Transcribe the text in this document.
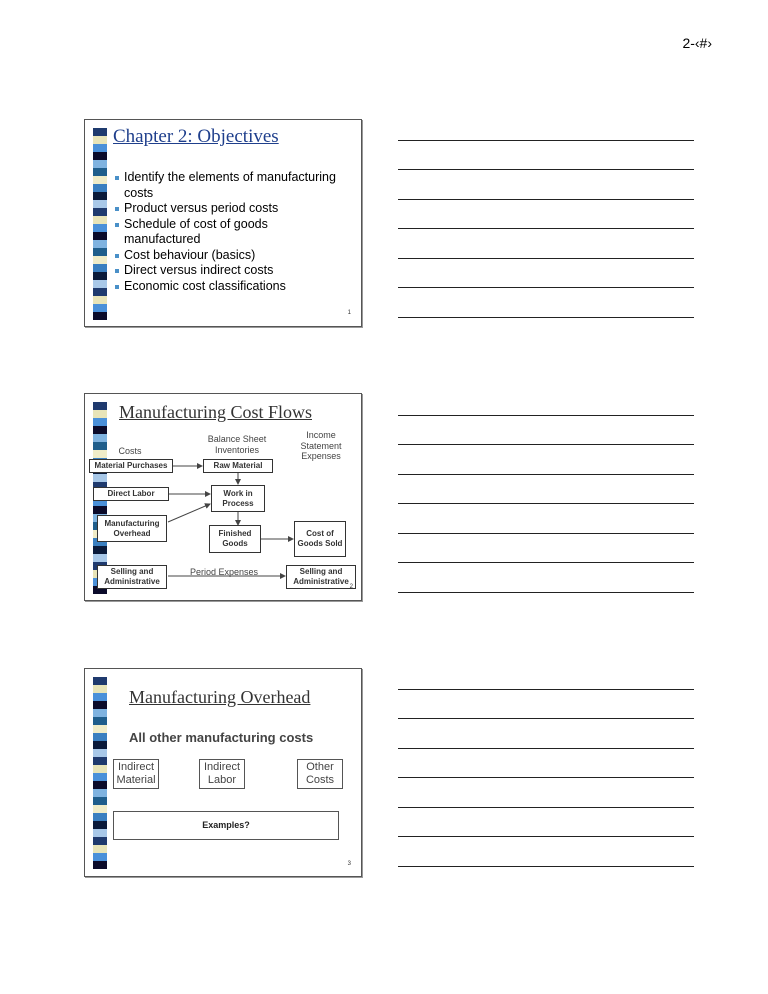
2-‹#›
Chapter 2: Objectives
Identify the elements of manufacturing costs
Product versus period costs
Schedule of cost of goods manufactured
Cost behaviour (basics)
Direct versus indirect costs
Economic cost classifications
1
Manufacturing Cost Flows
Costs
Balance Sheet Inventories
Income Statement Expenses
Material Purchases	Raw Material
Direct Labor	Work in Process
Manufacturing Overhead	Finished Goods
Cost of Goods Sold
Selling and Administrative
Period Expenses	Selling and Administrative
2
Manufacturing Overhead
All other manufacturing costs
Indirect Material
Indirect Labor
Other Costs
Examples?
3
